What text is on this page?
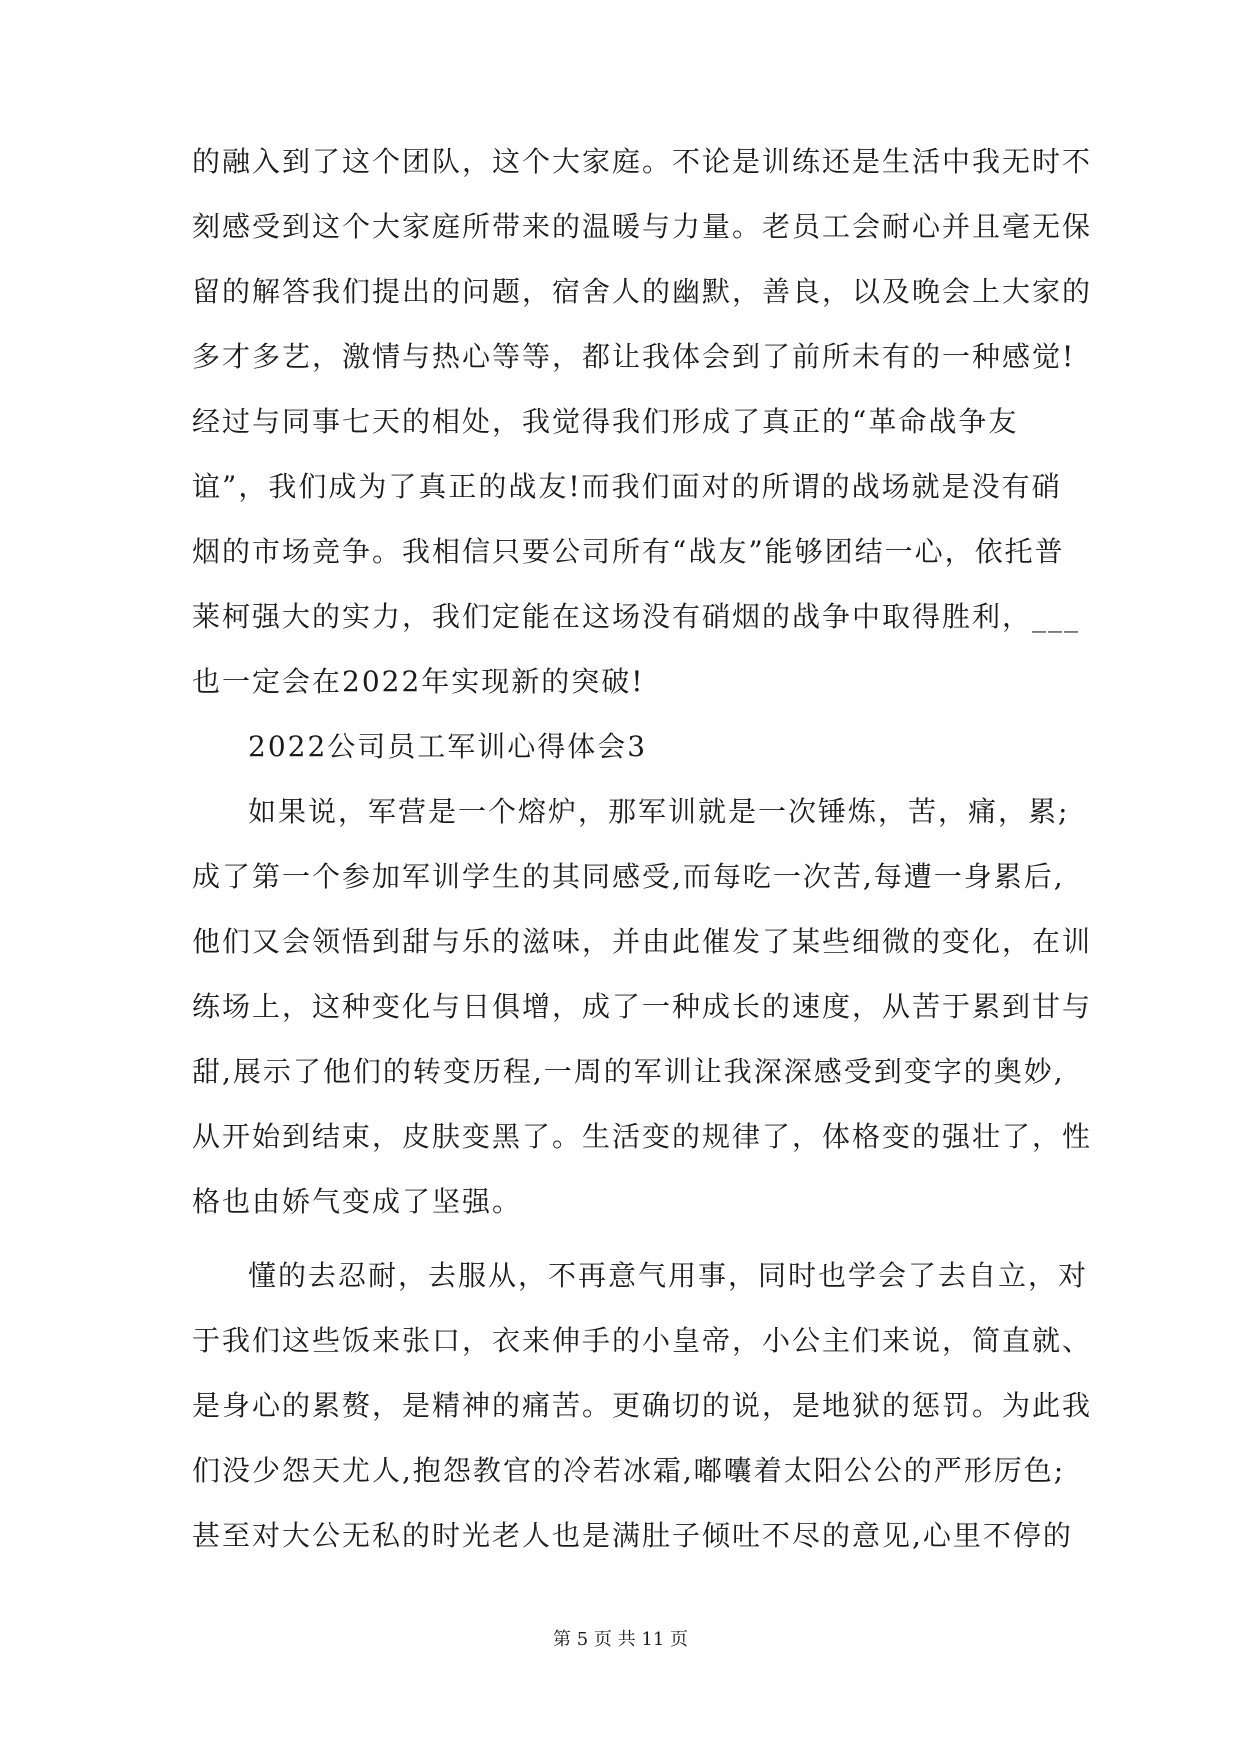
的融入到了这个团队，这个大家庭。不论是训练还是生活中我无时不
刻感受到这个大家庭所带来的温暖与力量。老员工会耐心并且毫无保
留的解答我们提出的问题，宿舍人的幽默，善良，以及晚会上大家的
多才多艺，激情与热心等等，都让我体会到了前所未有的一种感觉!
经过与同事七天的相处，我觉得我们形成了真正的“革命战争友
谊”，我们成为了真正的战友!而我们面对的所谓的战场就是没有硝
烟的市场竞争。我相信只要公司所有“战友”能够团结一心，依托普
莱柯强大的实力，我们定能在这场没有硝烟的战争中取得胜利，___
也一定会在2022年实现新的突破!
2022公司员工军训心得体会3
如果说，军营是一个熔炉，那军训就是一次锤炼，苦，痛，累;
成了第一个参加军训学生的其同感受,而每吃一次苦,每遭一身累后,
他们又会领悟到甜与乐的滋味，并由此催发了某些细微的变化，在训
练场上，这种变化与日俱增，成了一种成长的速度，从苦于累到甘与
甜,展示了他们的转变历程,一周的军训让我深深感受到变字的奥妙,
从开始到结束，皮肤变黑了。生活变的规律了，体格变的强壮了，性
格也由娇气变成了坚强。
懂的去忍耐，去服从，不再意气用事，同时也学会了去自立，对
于我们这些饭来张口，衣来伸手的小皇帝，小公主们来说，简直就、
是身心的累赘，是精神的痛苦。更确切的说，是地狱的惩罚。为此我
们没少怨天尤人,抱怨教官的冷若冰霜,嘟囔着太阳公公的严形厉色;
甚至对大公无私的时光老人也是满肚子倾吐不尽的意见,心里不停的
第 5 页 共 11 页
